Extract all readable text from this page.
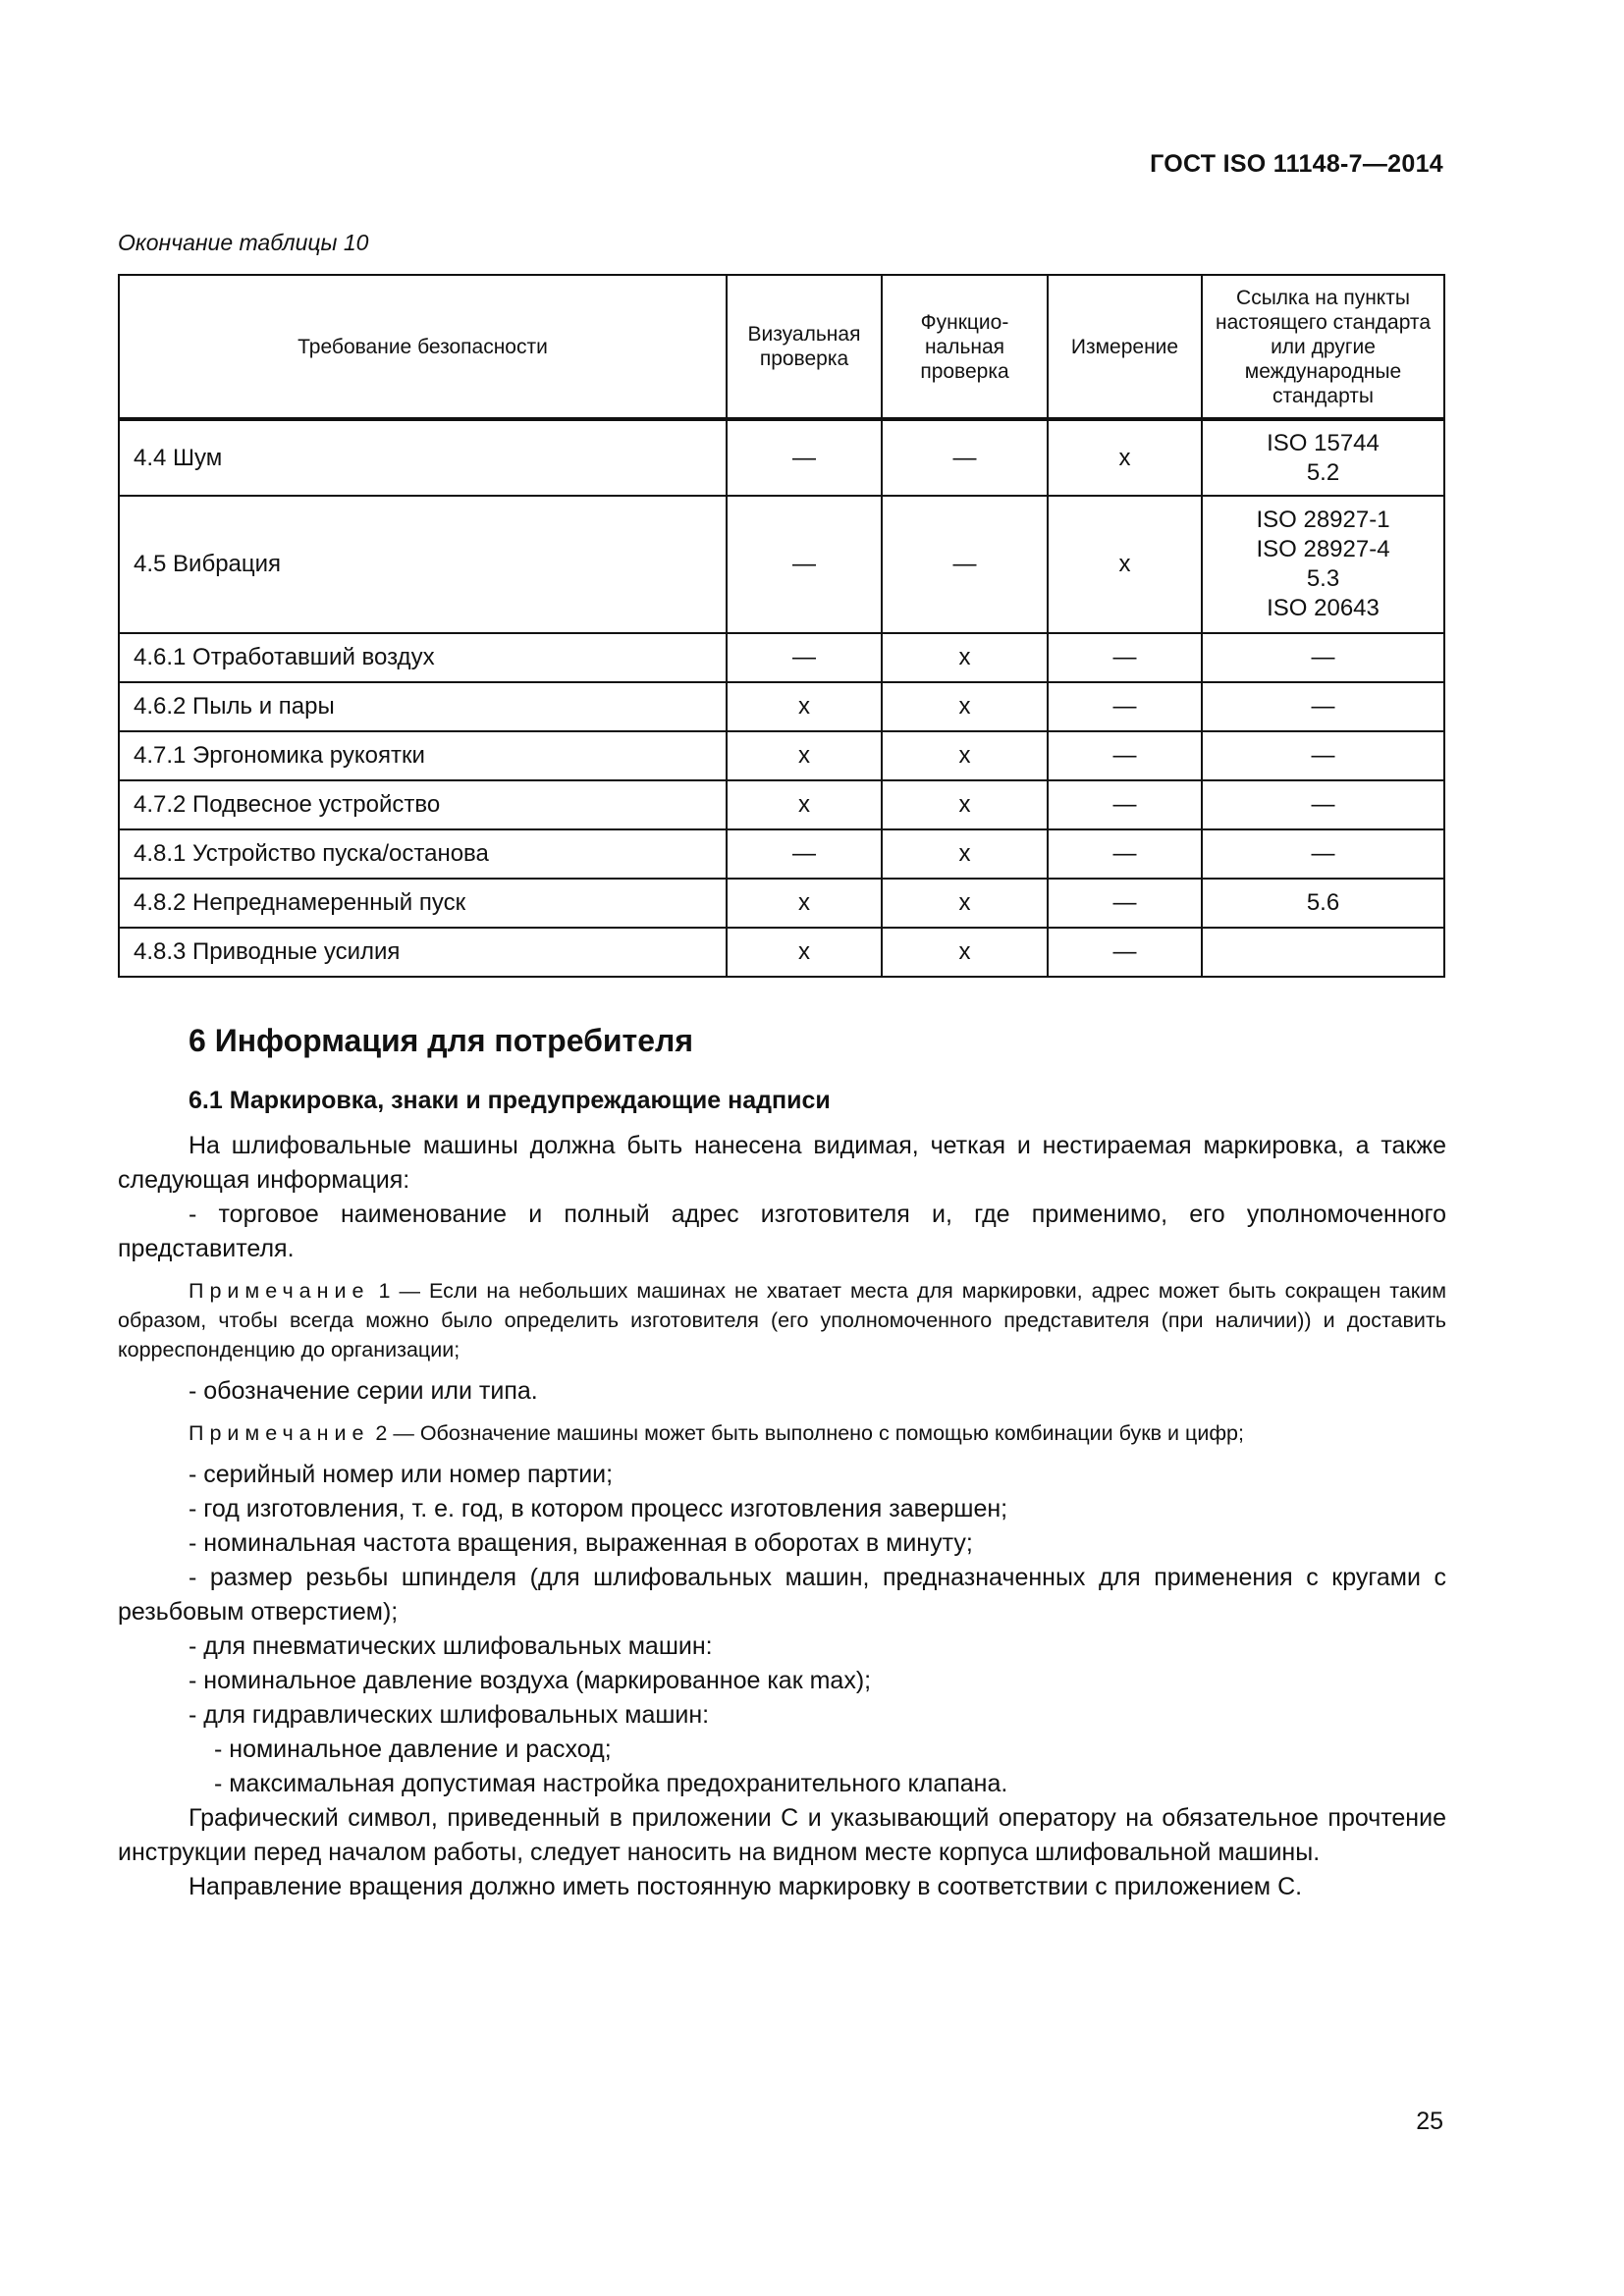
ГОСТ ISO 11148-7—2014
Окончание таблицы 10
Требование безопасности	Визуальная проверка	Функцио-нальная проверка	Измерение	Ссылка на пункты настоящего стандарта или другие международные стандарты
4.4 Шум	—	—	х	ISO 15744
5.2

4.5 Вибрация	—	—	х	ISO 28927-1
ISO 28927-4
5.3
ISO 20643

4.6.1 Отработавший воздух	—	х	—	—
4.6.2 Пыль и пары	х	х	—	—
4.7.1 Эргономика рукоятки	х	х	—	—
4.7.2 Подвесное устройство	х	х	—	—
4.8.1 Устройство пуска/останова	—	х	—	—
4.8.2 Непреднамеренный пуск	х	х	—	5.6
4.8.3 Приводные усилия	х	х	—	
6 Информация для потребителя
6.1 Маркировка, знаки и предупреждающие надписи

На шлифовальные машины должна быть нанесена видимая, четкая и нестираемая маркировка, а также следующая информация:

- торговое наименование и полный адрес изготовителя и, где применимо, его уполномоченного представителя.

Примечание 1 — Если на небольших машинах не хватает места для маркировки, адрес может быть сокращен таким образом, чтобы всегда можно было определить изготовителя (его уполномоченного представителя (при наличии)) и доставить корреспонденцию до организации;

- обозначение серии или типа.

Примечание 2 — Обозначение машины может быть выполнено с помощью комбинации букв и цифр;

- серийный номер или номер партии;

- год изготовления, т. е. год, в котором процесс изготовления завершен;

- номинальная частота вращения, выраженная в оборотах в минуту;

- размер резьбы шпинделя (для шлифовальных машин, предназначенных для применения с кругами с резьбовым отверстием);

- для пневматических шлифовальных машин:

- номинальное давление воздуха (маркированное как max);

- для гидравлических шлифовальных машин:

- номинальное давление и расход;

- максимальная допустимая настройка предохранительного клапана.

Графический символ, приведенный в приложении С и указывающий оператору на обязательное прочтение инструкции перед началом работы, следует наносить на видном месте корпуса шлифовальной машины.

Направление вращения должно иметь постоянную маркировку в соответствии с приложением С.

25
